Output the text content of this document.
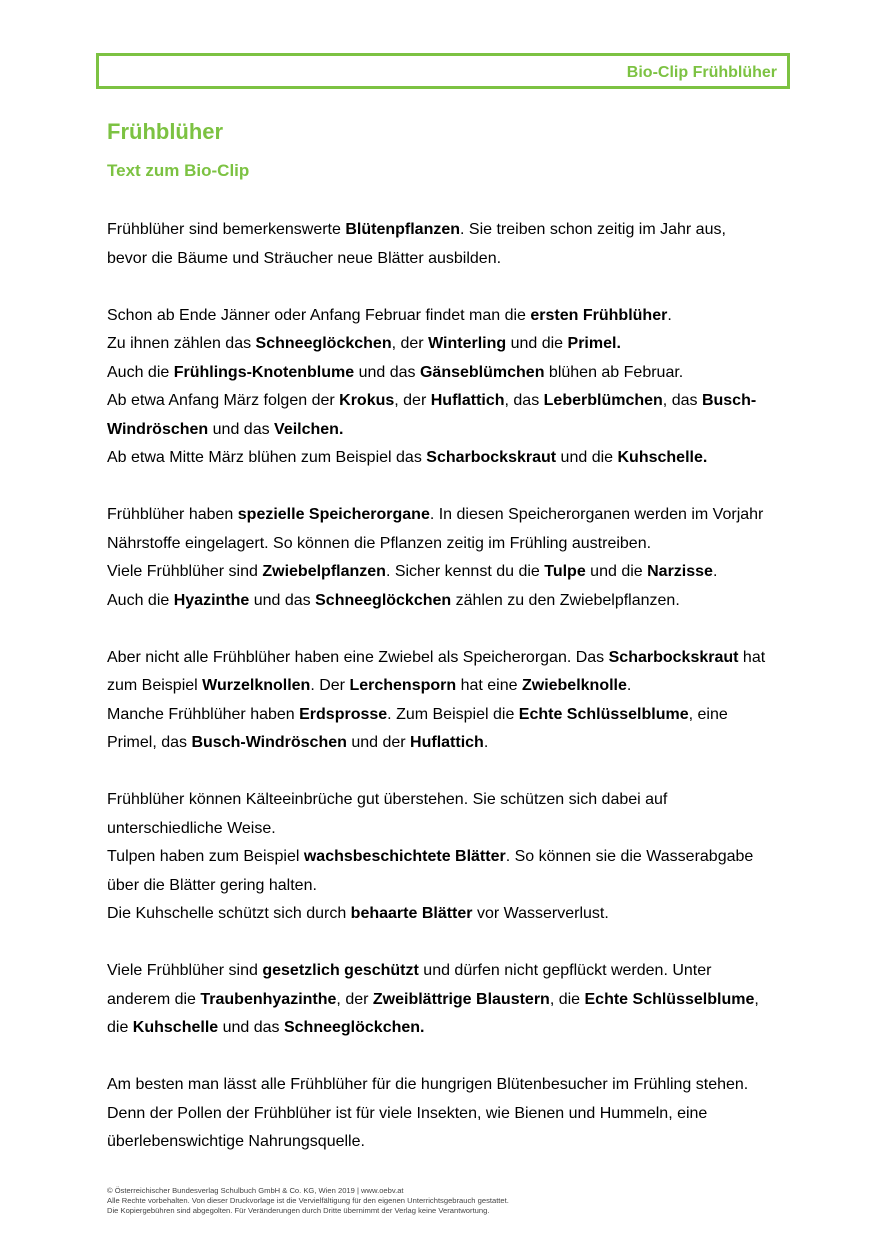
Bio-Clip Frühblüher
Frühblüher
Text zum Bio-Clip
Frühblüher sind bemerkenswerte Blütenpflanzen. Sie treiben schon zeitig im Jahr aus,
bevor die Bäume und Sträucher neue Blätter ausbilden.
Schon ab Ende Jänner oder Anfang Februar findet man die ersten Frühblüher.
Zu ihnen zählen das Schneeglöckchen, der Winterling und die Primel.
Auch die Frühlings-Knotenblume und das Gänseblümchen blühen ab Februar.
Ab etwa Anfang März folgen der Krokus, der Huflattich, das Leberblümchen, das Busch-
Windröschen und das Veilchen.
Ab etwa Mitte März blühen zum Beispiel das Scharbockskraut und die Kuhschelle.
Frühblüher haben spezielle Speicherorgane. In diesen Speicherorganen werden im Vorjahr
Nährstoffe eingelagert. So können die Pflanzen zeitig im Frühling austreiben.
Viele Frühblüher sind Zwiebelpflanzen. Sicher kennst du die Tulpe und die Narzisse.
Auch die Hyazinthe und das Schneeglöckchen zählen zu den Zwiebelpflanzen.
Aber nicht alle Frühblüher haben eine Zwiebel als Speicherorgan. Das Scharbockskraut hat
zum Beispiel Wurzelknollen. Der Lerchensporn hat eine Zwiebelknolle.
Manche Frühblüher haben Erdsprosse. Zum Beispiel die Echte Schlüsselblume, eine
Primel, das Busch-Windröschen und der Huflattich.
Frühblüher können Kälteeinbrüche gut überstehen. Sie schützen sich dabei auf
unterschiedliche Weise.
Tulpen haben zum Beispiel wachsbeschichtete Blätter. So können sie die Wasserabgabe
über die Blätter gering halten.
Die Kuhschelle schützt sich durch behaarte Blätter vor Wasserverlust.
Viele Frühblüher sind gesetzlich geschützt und dürfen nicht gepflückt werden. Unter
anderem die Traubenhyazinthe, der Zweiblättrige Blaustern, die Echte Schlüsselblume,
die Kuhschelle und das Schneeglöckchen.
Am besten man lässt alle Frühblüher für die hungrigen Blütenbesucher im Frühling stehen.
Denn der Pollen der Frühblüher ist für viele Insekten, wie Bienen und Hummeln, eine
überlebenswichtige Nahrungsquelle.
© Österreichischer Bundesverlag Schulbuch GmbH & Co. KG, Wien 2019 | www.oebv.at
Alle Rechte vorbehalten. Von dieser Druckvorlage ist die Vervielfältigung für den eigenen Unterrichtsgebrauch gestattet.
Die Kopiergebühren sind abgegolten. Für Veränderungen durch Dritte übernimmt der Verlag keine Verantwortung.
